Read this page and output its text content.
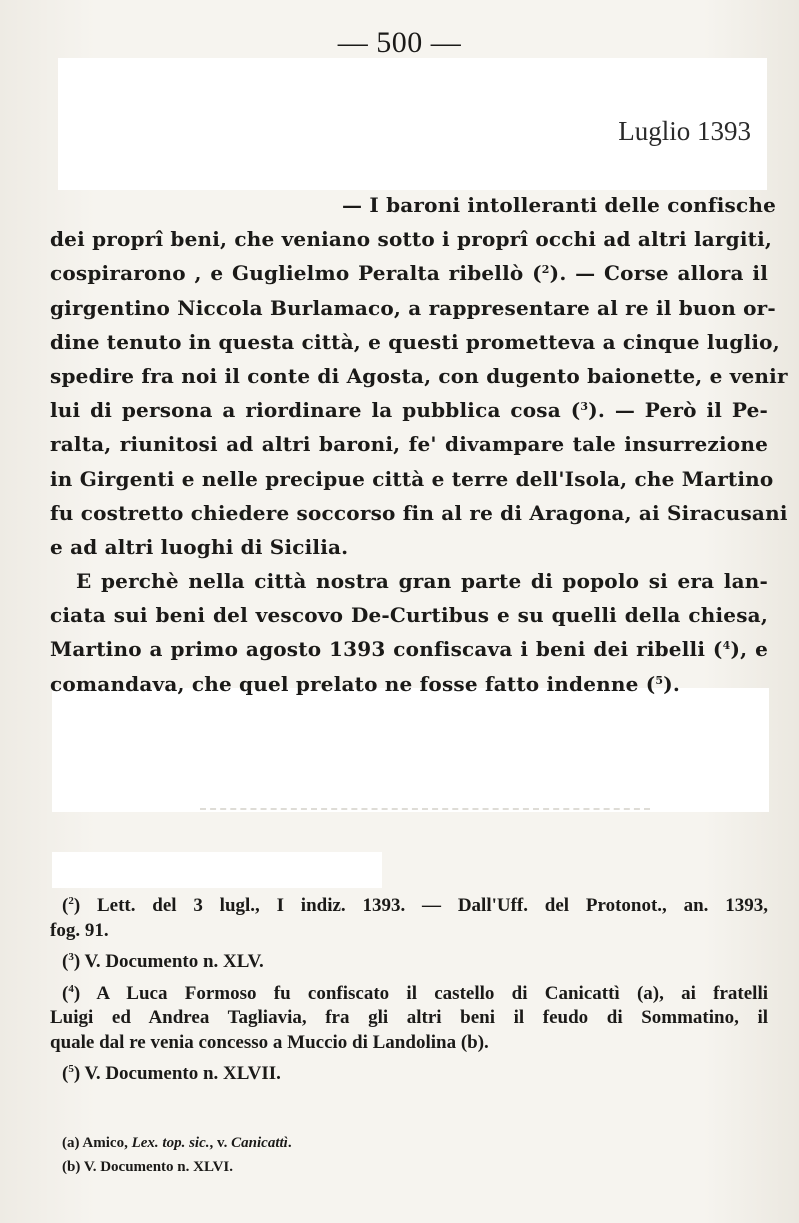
— 500 —
Luglio 1393
— I baroni intolleranti delle confische
dei proprî beni, che veniano sotto i proprî occhi ad altri largiti,
cospirarono , e Guglielmo Peralta ribellò ($^2$). — Corse allora il
girgentino Niccola Burlamaco, a rappresentare al re il buon or-
dine tenuto in questa città, e questi prometteva a cinque luglio,
spedire fra noi il conte di Agosta, con dugento baionette, e venir
lui di persona a riordinare la pubblica cosa ($^3$). — Però il Pe-
ralta, riunitosi ad altri baroni, fe' divampare tale insurrezione
in Girgenti e nelle precipue città e terre dell'Isola, che Martino
fu costretto chiedere soccorso fin al re di Aragona, ai Siracusani
e ad altri luoghi di Sicilia.
E perchè nella città nostra gran parte di popolo si era lan-
ciata sui beni del vescovo De-Curtibus e su quelli della chiesa,
Martino a primo agosto 1393 confiscava i beni dei ribelli ($^4$), e
comandava, che quel prelato ne fosse fatto indenne ($^5$).
($^2$) Lett. del 3 lugl., I indiz. 1393. — Dall'Uff. del Protonot., an. 1393,
fog. 91.
($^3$) V. Documento n. XLV.
($^4$) A Luca Formoso fu confiscato il castello di Canicattì (a), ai fratelli
Luigi ed Andrea Tagliavia, fra gli altri beni il feudo di Sommatino, il
quale dal re venia concesso a Muccio di Landolina (b).
($^5$) V. Documento n. XLVII.
(a) Amico, Lex. top. sic., v. Canicattì.
(b) V. Documento n. XLVI.
